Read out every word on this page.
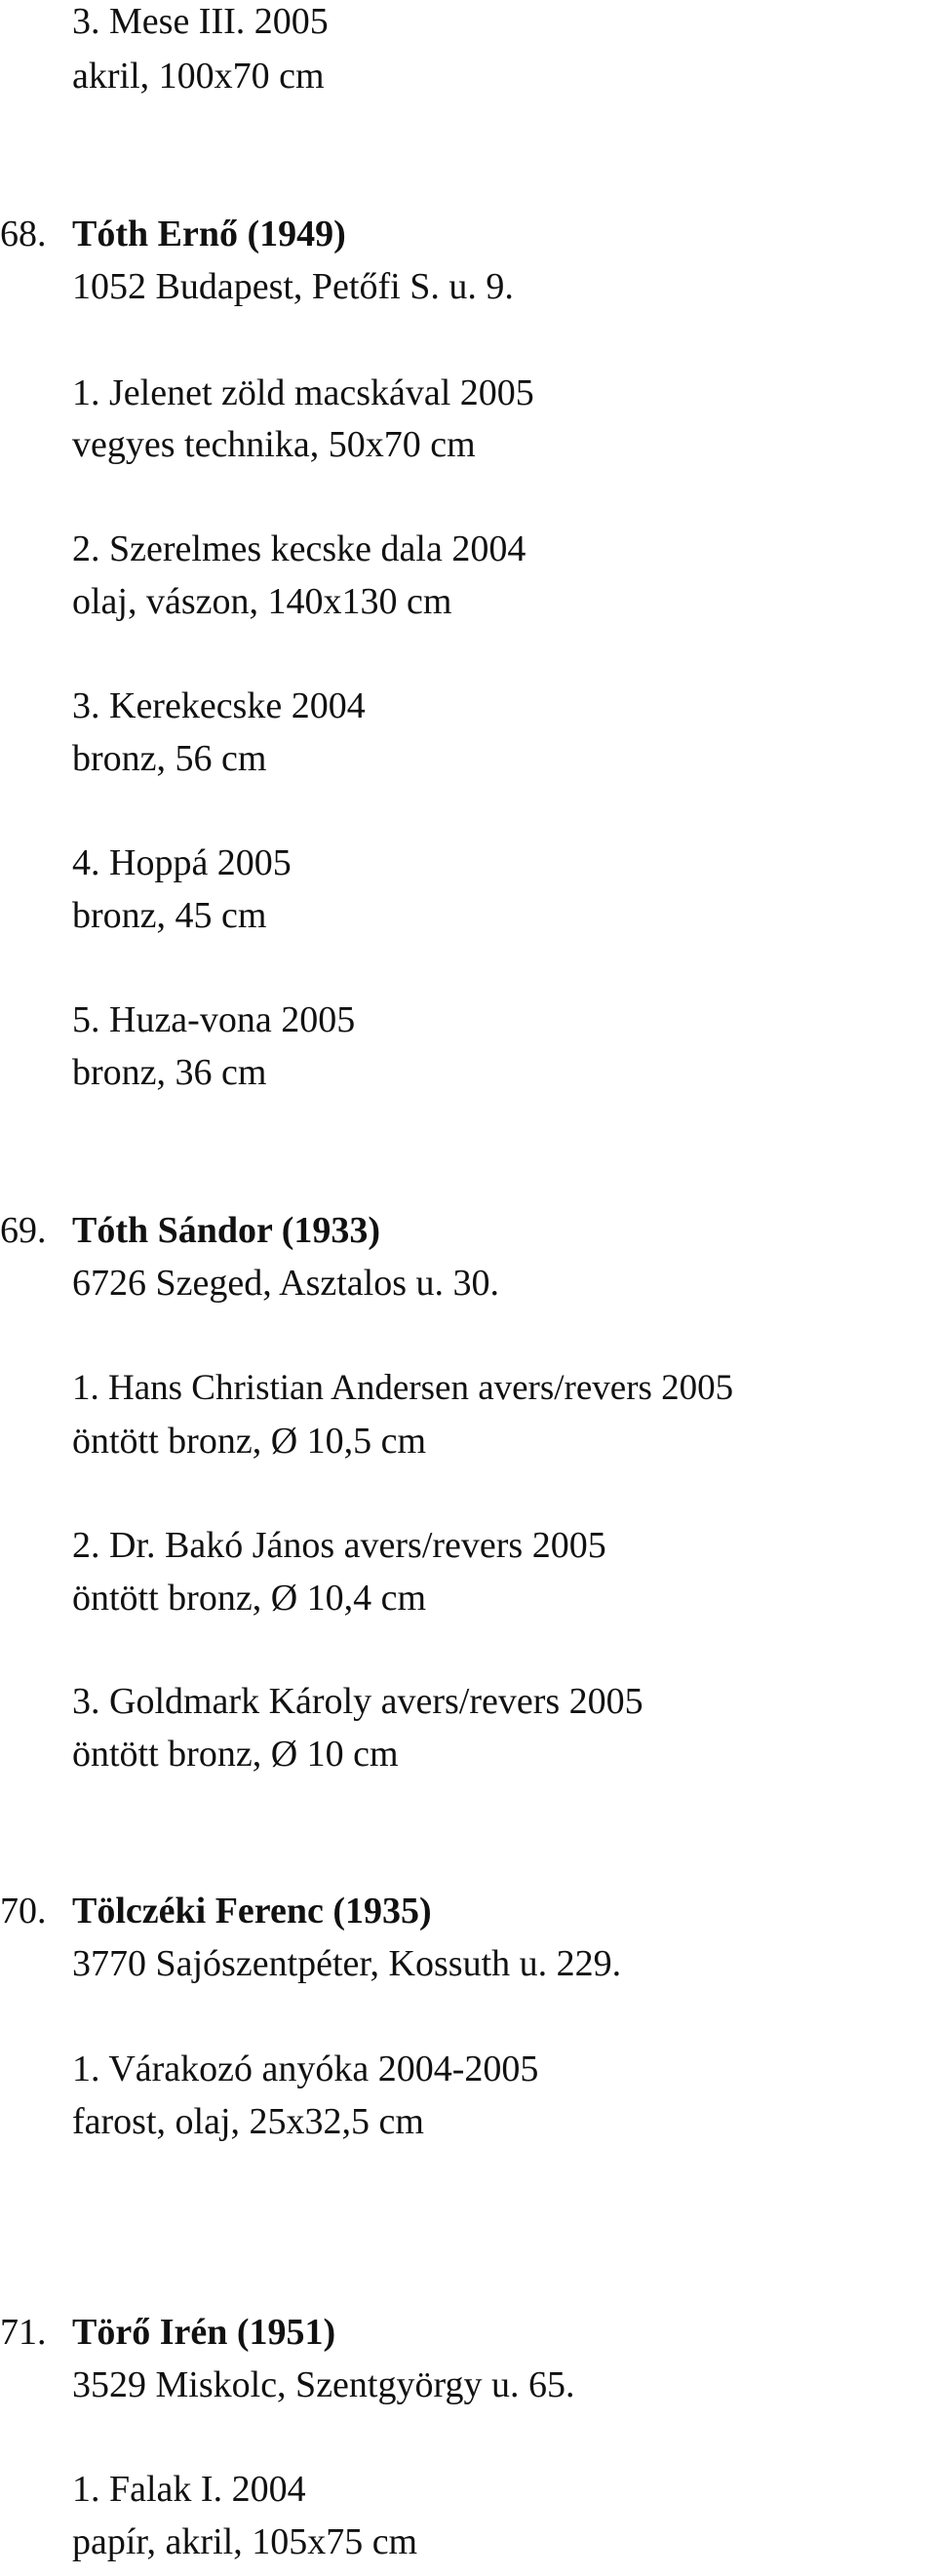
3. Mese III. 2005

akril, 100x70 cm

68. Tóth Ernő (1949)

1052 Budapest, Petőfi S. u. 9.

1. Jelenet zöld macskával 2005

vegyes technika, 50x70 cm

2. Szerelmes kecske dala 2004

olaj, vászon, 140x130 cm

3. Kerekecske 2004

bronz, 56 cm

4. Hoppá 2005

bronz, 45 cm

5. Huza-vona 2005

bronz, 36 cm

69. Tóth Sándor (1933)

6726 Szeged, Asztalos u. 30.

1. Hans Christian Andersen avers/revers 2005

öntött bronz, Ø 10,5 cm

2. Dr. Bakó János avers/revers 2005

öntött bronz, Ø 10,4 cm

3. Goldmark Károly avers/revers 2005

öntött bronz, Ø 10 cm

70. Tölczéki Ferenc (1935)

3770 Sajószentpéter, Kossuth u. 229.

1. Várakozó anyóka 2004-2005

farost, olaj, 25x32,5 cm

71. Törő Irén (1951)

3529 Miskolc, Szentgyörgy u. 65.

1. Falak I. 2004

papír, akril, 105x75 cm
